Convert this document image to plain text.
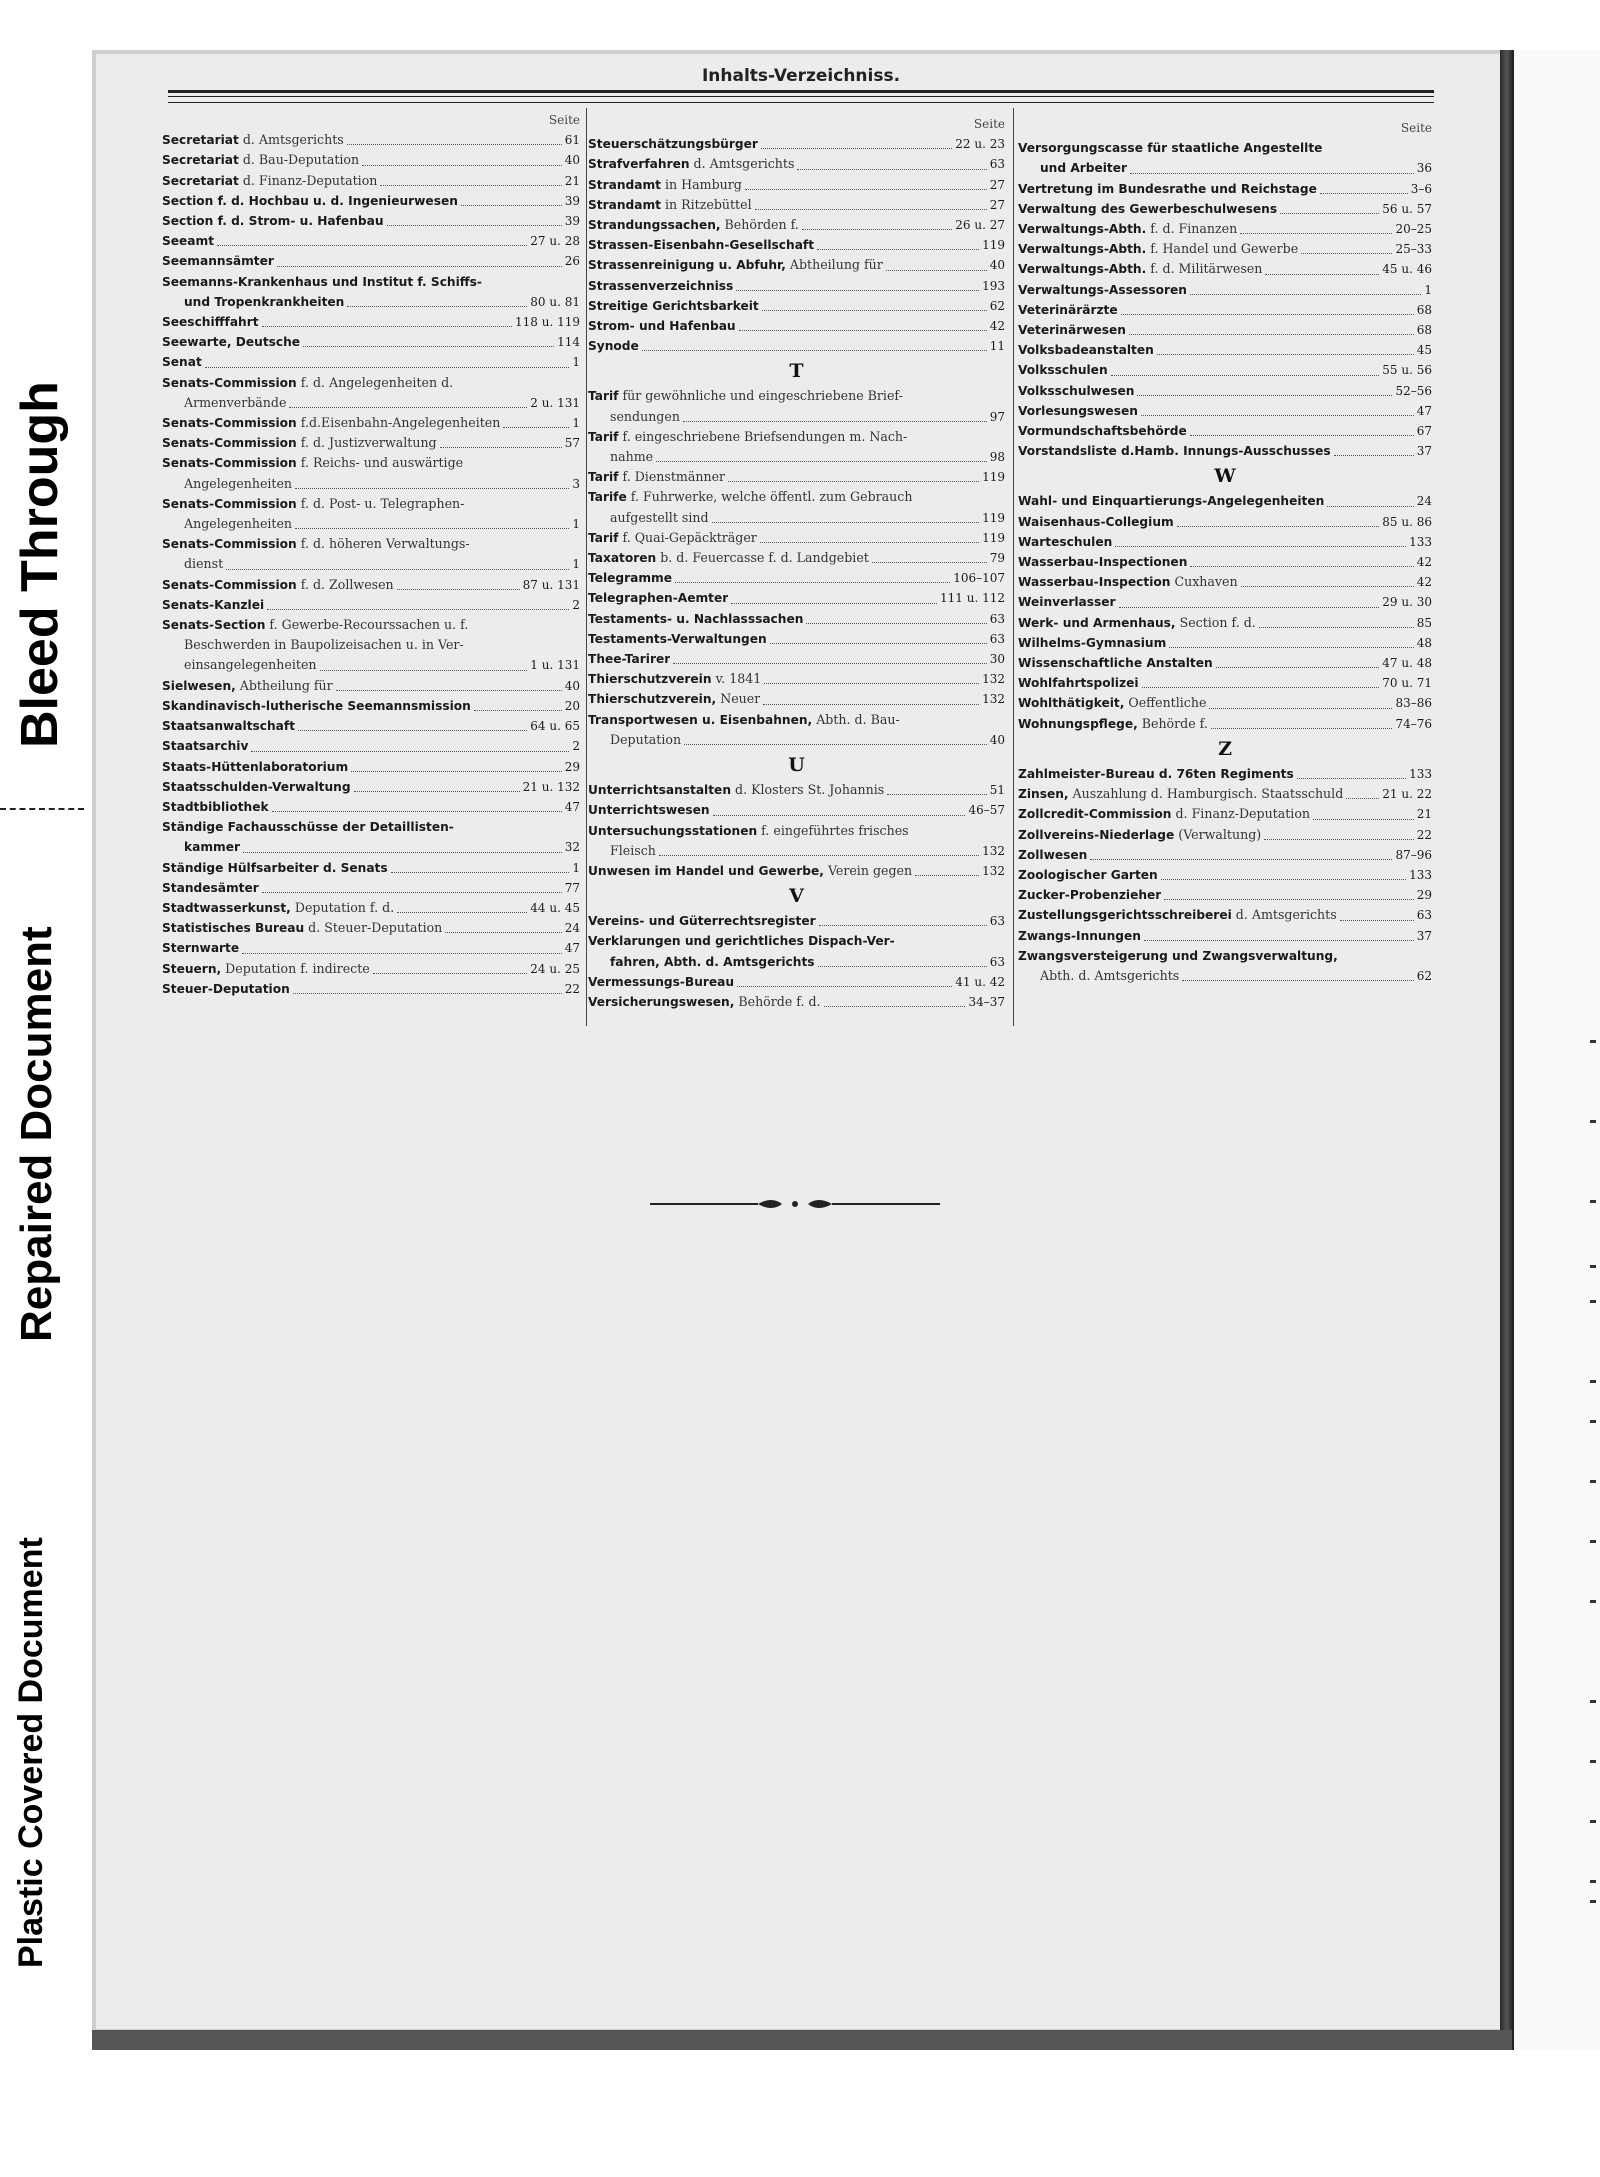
Bleed Through
Repaired Document
Plastic Covered Document
Inhalts-Verzeichniss.
Seite
Secretariat d. Amtsgerichts	61
Secretariat d. Bau-Deputation	40
Secretariat d. Finanz-Deputation	21
Section f. d. Hochbau u. d. Ingenieurwesen	39
Section f. d. Strom- u. Hafenbau	39
Seeamt	27 u. 28
Seemannsämter	26
Seemanns-Krankenhaus und Institut f. Schiffs-
und Tropenkrankheiten	80 u. 81
Seeschifffahrt	118 u. 119
Seewarte, Deutsche	114
Senat	1
Senats-Commission f. d. Angelegenheiten d.
Armenverbände	2 u. 131
Senats-Commission f.d.Eisenbahn-Angelegenheiten	1
Senats-Commission f. d. Justizverwaltung	57
Senats-Commission f. Reichs- und auswärtige
Angelegenheiten	3
Senats-Commission f. d. Post- u. Telegraphen-
Angelegenheiten	1
Senats-Commission f. d. höheren Verwaltungs-
dienst	1
Senats-Commission f. d. Zollwesen	87 u. 131
Senats-Kanzlei	2
Senats-Section f. Gewerbe-Recourssachen u. f.
Beschwerden in Baupolizeisachen u. in Ver-
einsangelegenheiten	1 u. 131
Sielwesen, Abtheilung für	40
Skandinavisch-lutherische Seemannsmission	20
Staatsanwaltschaft	64 u. 65
Staatsarchiv	2
Staats-Hüttenlaboratorium	29
Staatsschulden-Verwaltung	21 u. 132
Stadtbibliothek	47
Ständige Fachausschüsse der Detaillisten-
kammer	32
Ständige Hülfsarbeiter d. Senats	1
Standesämter	77
Stadtwasserkunst, Deputation f. d.	44 u. 45
Statistisches Bureau d. Steuer-Deputation	24
Sternwarte	47
Steuern, Deputation f. indirecte	24 u. 25
Steuer-Deputation	22
Seite
Steuerschätzungsbürger	22 u. 23
Strafverfahren d. Amtsgerichts	63
Strandamt in Hamburg	27
Strandamt in Ritzebüttel	27
Strandungssachen, Behörden f.	26 u. 27
Strassen-Eisenbahn-Gesellschaft	119
Strassenreinigung u. Abfuhr, Abtheilung für	40
Strassenverzeichniss	193
Streitige Gerichtsbarkeit	62
Strom- und Hafenbau	42
Synode	11
T
Tarif für gewöhnliche und eingeschriebene Brief-
sendungen	97
Tarif f. eingeschriebene Briefsendungen m. Nach-
nahme	98
Tarif f. Dienstmänner	119
Tarife f. Fuhrwerke, welche öffentl. zum Gebrauch
aufgestellt sind	119
Tarif f. Quai-Gepäckträger	119
Taxatoren b. d. Feuercasse f. d. Landgebiet	79
Telegramme	106–107
Telegraphen-Aemter	111 u. 112
Testaments- u. Nachlasssachen	63
Testaments-Verwaltungen	63
Thee-Tarirer	30
Thierschutzverein v. 1841	132
Thierschutzverein, Neuer	132
Transportwesen u. Eisenbahnen, Abth. d. Bau-
Deputation	40
U
Unterrichtsanstalten d. Klosters St. Johannis	51
Unterrichtswesen	46–57
Untersuchungsstationen f. eingeführtes frisches
Fleisch	132
Unwesen im Handel und Gewerbe, Verein gegen	132
V
Vereins- und Güterrechtsregister	63
Verklarungen und gerichtliches Dispach-Ver-
fahren, Abth. d. Amtsgerichts	63
Vermessungs-Bureau	41 u. 42
Versicherungswesen, Behörde f. d.	34–37
Seite
Versorgungscasse für staatliche Angestellte
und Arbeiter	36
Vertretung im Bundesrathe und Reichstage	3–6
Verwaltung des Gewerbeschulwesens	56 u. 57
Verwaltungs-Abth. f. d. Finanzen	20–25
Verwaltungs-Abth. f. Handel und Gewerbe	25–33
Verwaltungs-Abth. f. d. Militärwesen	45 u. 46
Verwaltungs-Assessoren	1
Veterinärärzte	68
Veterinärwesen	68
Volksbadeanstalten	45
Volksschulen	55 u. 56
Volksschulwesen	52–56
Vorlesungswesen	47
Vormundschaftsbehörde	67
Vorstandsliste d.Hamb. Innungs-Ausschusses	37
W
Wahl- und Einquartierungs-Angelegenheiten	24
Waisenhaus-Collegium	85 u. 86
Warteschulen	133
Wasserbau-Inspectionen	42
Wasserbau-Inspection Cuxhaven	42
Weinverlasser	29 u. 30
Werk- und Armenhaus, Section f. d.	85
Wilhelms-Gymnasium	48
Wissenschaftliche Anstalten	47 u. 48
Wohlfahrtspolizei	70 u. 71
Wohlthätigkeit, Oeffentliche	83–86
Wohnungspflege, Behörde f.	74–76
Z
Zahlmeister-Bureau d. 76ten Regiments	133
Zinsen, Auszahlung d. Hamburgisch. Staatsschuld	21 u. 22
Zollcredit-Commission d. Finanz-Deputation	21
Zollvereins-Niederlage (Verwaltung)	22
Zollwesen	87–96
Zoologischer Garten	133
Zucker-Probenzieher	29
Zustellungsgerichtsschreiberei d. Amtsgerichts	63
Zwangs-Innungen	37
Zwangsversteigerung und Zwangsverwaltung,
Abth. d. Amtsgerichts	62
